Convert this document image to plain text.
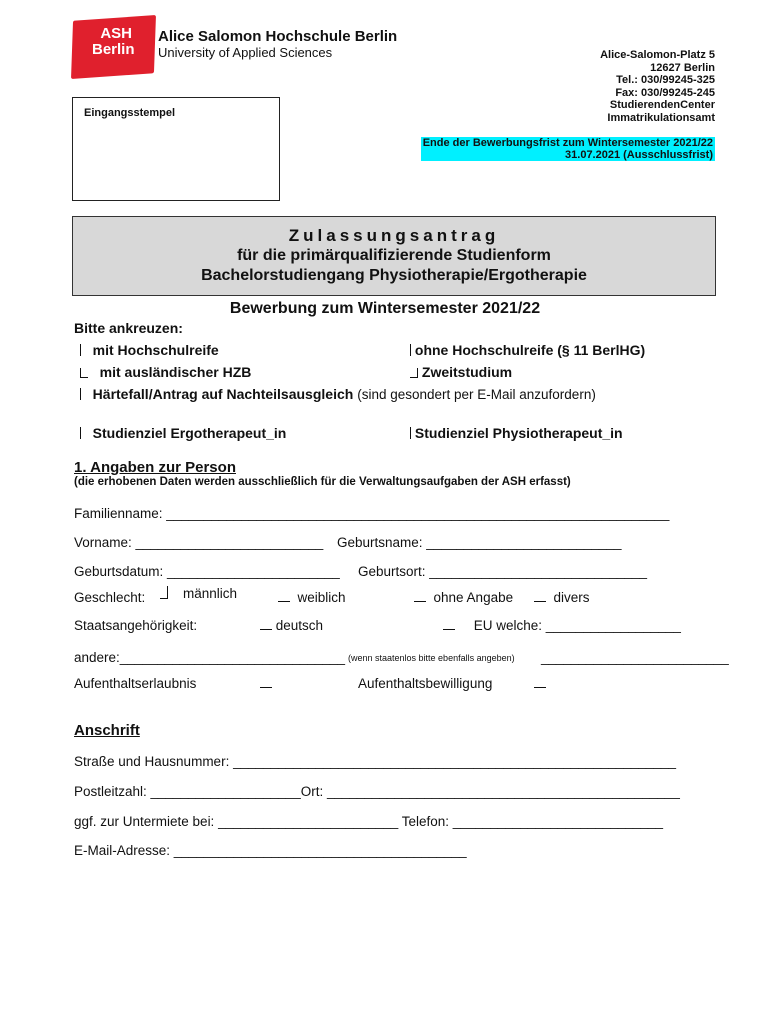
ASH
Berlin
Alice Salomon Hochschule Berlin
University of Applied Sciences	Alice-Salomon-Platz 5
12627 Berlin
Tel.: 030/99245-325
Fax: 030/99245-245
StudierendenCenter
Immatrikulationsamt
Ende der Bewerbungsfrist zum Wintersemester 2021/22
31.07.2021 (Ausschlussfrist)
Eingangsstempel
Zulassungsantrag
für die primärqualifizierende Studienform
Bachelorstudiengang Physiotherapie/Ergotherapie
Bewerbung zum Wintersemester 2021/22
Bitte ankreuzen:
mit Hochschulreife	ohne Hochschulreife (§ 11 BerlHG)
mit ausländischer HZB	Zweitstudium
Härtefall/Antrag auf Nachteilsausgleich (sind gesondert per E-Mail anzufordern)
Studienziel Ergotherapeut_in	Studienziel Physiotherapeut_in
1. Angaben zur Person
(die erhobenen Daten werden ausschließlich für die Verwaltungsaufgaben der ASH erfasst)
Familienname: ___________________________________________________________________
Vorname: _________________________ Geburtsname: __________________________
Geburtsdatum: _______________________ Geburtsort: _____________________________
Geschlecht:	männlich	weiblich	ohne Angabe	divers
Staatsangehörigkeit:	deutsch	EU welche: __________________
andere:______________________________ (wenn staatenlos bitte ebenfalls angeben) _________________________
Aufenthaltserlaubnis	Aufenthaltsbewilligung
Anschrift
Straße und Hausnummer: ___________________________________________________________
Postleitzahl: ____________________Ort: _______________________________________________
ggf. zur Untermiete bei: ________________________ Telefon: ____________________________
E-Mail-Adresse: _______________________________________
